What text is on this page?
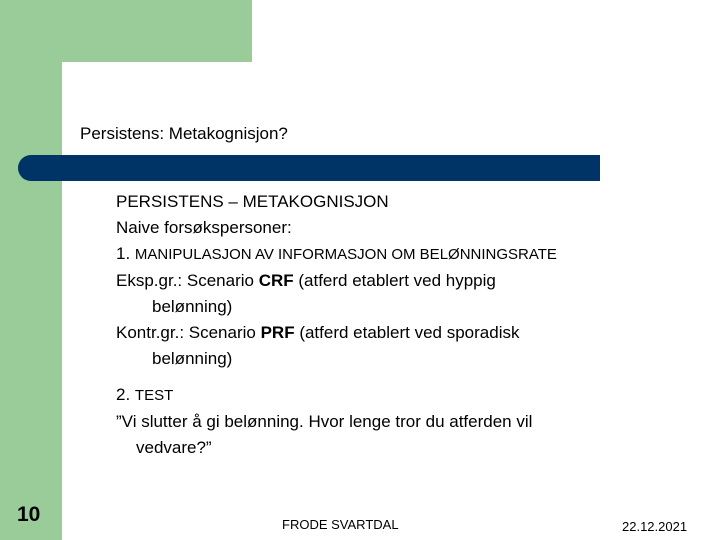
Persistens: Metakognisjon?
PERSISTENS – METAKOGNISJON
Naive forsøkspersoner:
1. MANIPULASJON AV INFORMASJON OM BELØNNINGSRATE
Eksp.gr.: Scenario CRF (atferd etablert ved hyppig
belønning)
Kontr.gr.: Scenario PRF (atferd etablert ved sporadisk
belønning)
2. TEST
”Vi slutter å gi belønning. Hvor lenge tror du atferden vil
vedvare?”
10	FRODE SVARTDAL	22.12.2021
